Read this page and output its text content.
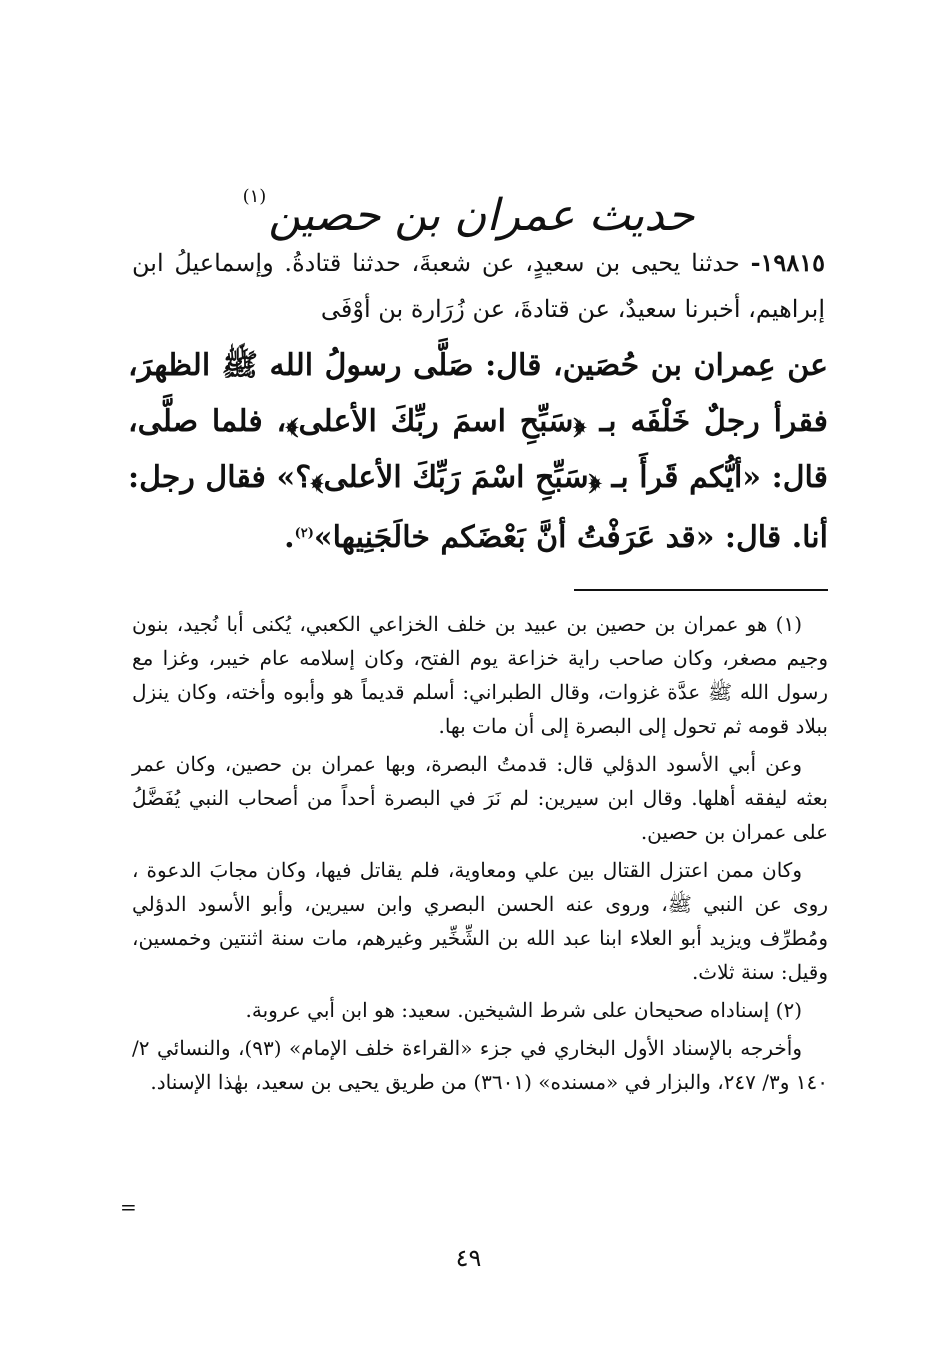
حديث عمران بن حصين$^{(١)}$
١٩٨١٥- حدثنا يحيى بن سعيدٍ، عن شعبةَ، حدثنا قتادةُ. وإسماعيلُ ابن إبراهيم، أخبرنا سعيدٌ، عن قتادةَ، عن زُرَارة بن أوْفَى
عن عِمران بن حُصَين، قال: صَلَّى رسولُ الله ﷺ الظهرَ، فقرأ رجلٌ خَلْفَه بـ ﴿سَبِّحِ اسمَ ربِّكَ الأعلى﴾، فلما صلَّى، قال: «أيُّكم قَرأَ بـ ﴿سَبِّحِ اسْمَ رَبِّكَ الأعلى﴾؟» فقال رجل: أنا. قال: «قد عَرَفْتُ أنَّ بَعْضَكم خالَجَنِيها»$^{(٢)}$.

(١) هو عمران بن حصين بن عبيد بن خلف الخزاعي الكعبي، يُكنى أبا نُجيد، بنون وجيم مصغر، وكان صاحب راية خزاعة يوم الفتح، وكان إسلامه عام خيبر، وغزا مع رسول الله ﷺ عدَّة غزوات، وقال الطبراني: أسلم قديماً هو وأبوه وأخته، وكان ينزل ببلاد قومه ثم تحول إلى البصرة إلى أن مات بها.

وعن أبي الأسود الدؤلي قال: قدمتُ البصرة، وبها عمران بن حصين، وكان عمر بعثه ليفقه أهلها. وقال ابن سيرين: لم نَرَ في البصرة أحداً من أصحاب النبي يُفَضَّلُ على عمران بن حصين.

وكان ممن اعتزل القتال بين علي ومعاوية، فلم يقاتل فيها، وكان مجابَ الدعوة ، روى عن النبي ﷺ، وروى عنه الحسن البصري وابن سيرين، وأبو الأسود الدؤلي ومُطرِّف ويزيد أبو العلاء ابنا عبد الله بن الشِّخِّير وغيرهم، مات سنة اثنتين وخمسين، وقيل: سنة ثلاث.

(٢) إسناداه صحيحان على شرط الشيخين. سعيد: هو ابن أبي عروبة.

وأخرجه بالإسناد الأول البخاري في جزء «القراءة خلف الإمام» (٩٣)، والنسائي ٢/ ١٤٠ و٣/ ٢٤٧، والبزار في «مسنده» (٣٦٠١) من طريق يحيى بن سعيد، بهٰذا الإسناد.

=
٤٩
